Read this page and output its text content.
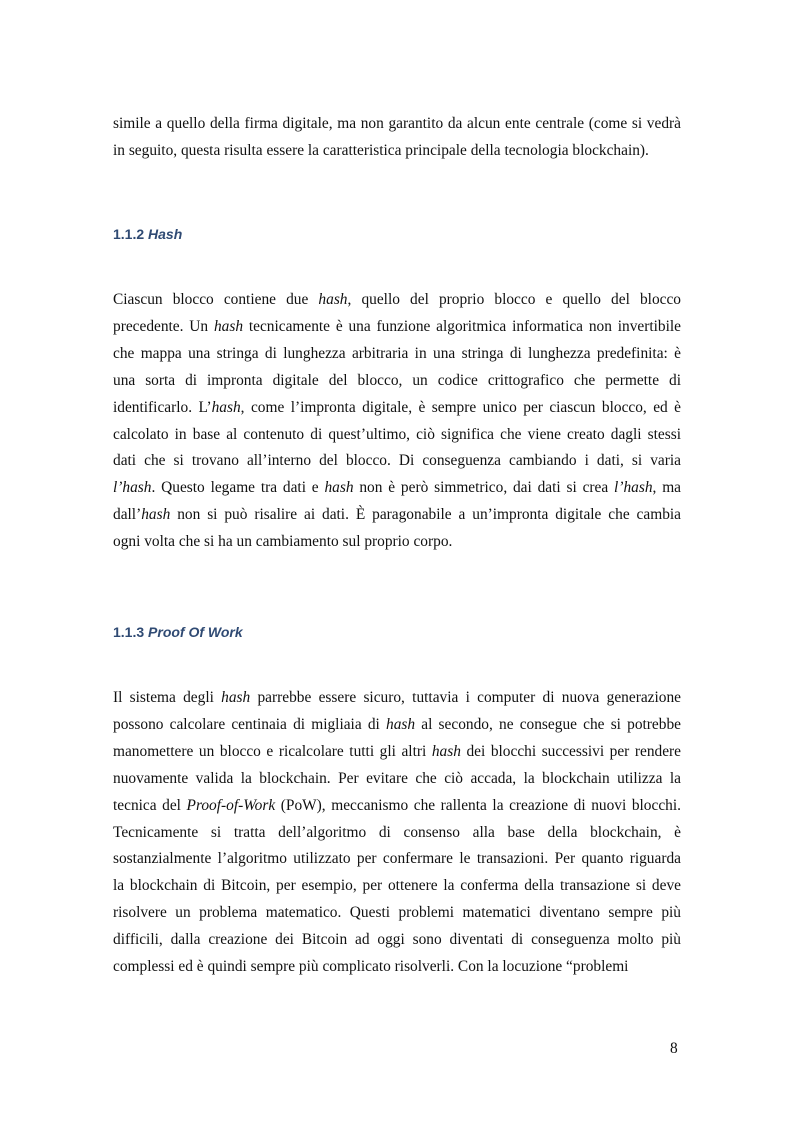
simile a quello della firma digitale, ma non garantito da alcun ente centrale (come si vedrà
in seguito, questa risulta essere la caratteristica principale della tecnologia blockchain).

1.1.2 Hash

Ciascun blocco contiene due hash, quello del proprio blocco e quello del blocco
precedente. Un hash tecnicamente è una funzione algoritmica informatica non invertibile
che mappa una stringa di lunghezza arbitraria in una stringa di lunghezza predefinita: è
una sorta di impronta digitale del blocco, un codice crittografico che permette di
identificarlo. L’hash, come l’impronta digitale, è sempre unico per ciascun blocco, ed è
calcolato in base al contenuto di quest’ultimo, ciò significa che viene creato dagli stessi
dati che si trovano all’interno del blocco. Di conseguenza cambiando i dati, si varia
l’hash. Questo legame tra dati e hash non è però simmetrico, dai dati si crea l’hash, ma
dall’hash non si può risalire ai dati. È paragonabile a un’impronta digitale che cambia
ogni volta che si ha un cambiamento sul proprio corpo.

1.1.3 Proof Of Work

Il sistema degli hash parrebbe essere sicuro, tuttavia i computer di nuova generazione
possono calcolare centinaia di migliaia di hash al secondo, ne consegue che si potrebbe
manomettere un blocco e ricalcolare tutti gli altri hash dei blocchi successivi per rendere
nuovamente valida la blockchain. Per evitare che ciò accada, la blockchain utilizza la
tecnica del Proof-of-Work (PoW), meccanismo che rallenta la creazione di nuovi blocchi.
Tecnicamente si tratta dell’algoritmo di consenso alla base della blockchain, è
sostanzialmente l’algoritmo utilizzato per confermare le transazioni. Per quanto riguarda
la blockchain di Bitcoin, per esempio, per ottenere la conferma della transazione si deve
risolvere un problema matematico. Questi problemi matematici diventano sempre più
difficili, dalla creazione dei Bitcoin ad oggi sono diventati di conseguenza molto più
complessi ed è quindi sempre più complicato risolverli. Con la locuzione “problemi

8
